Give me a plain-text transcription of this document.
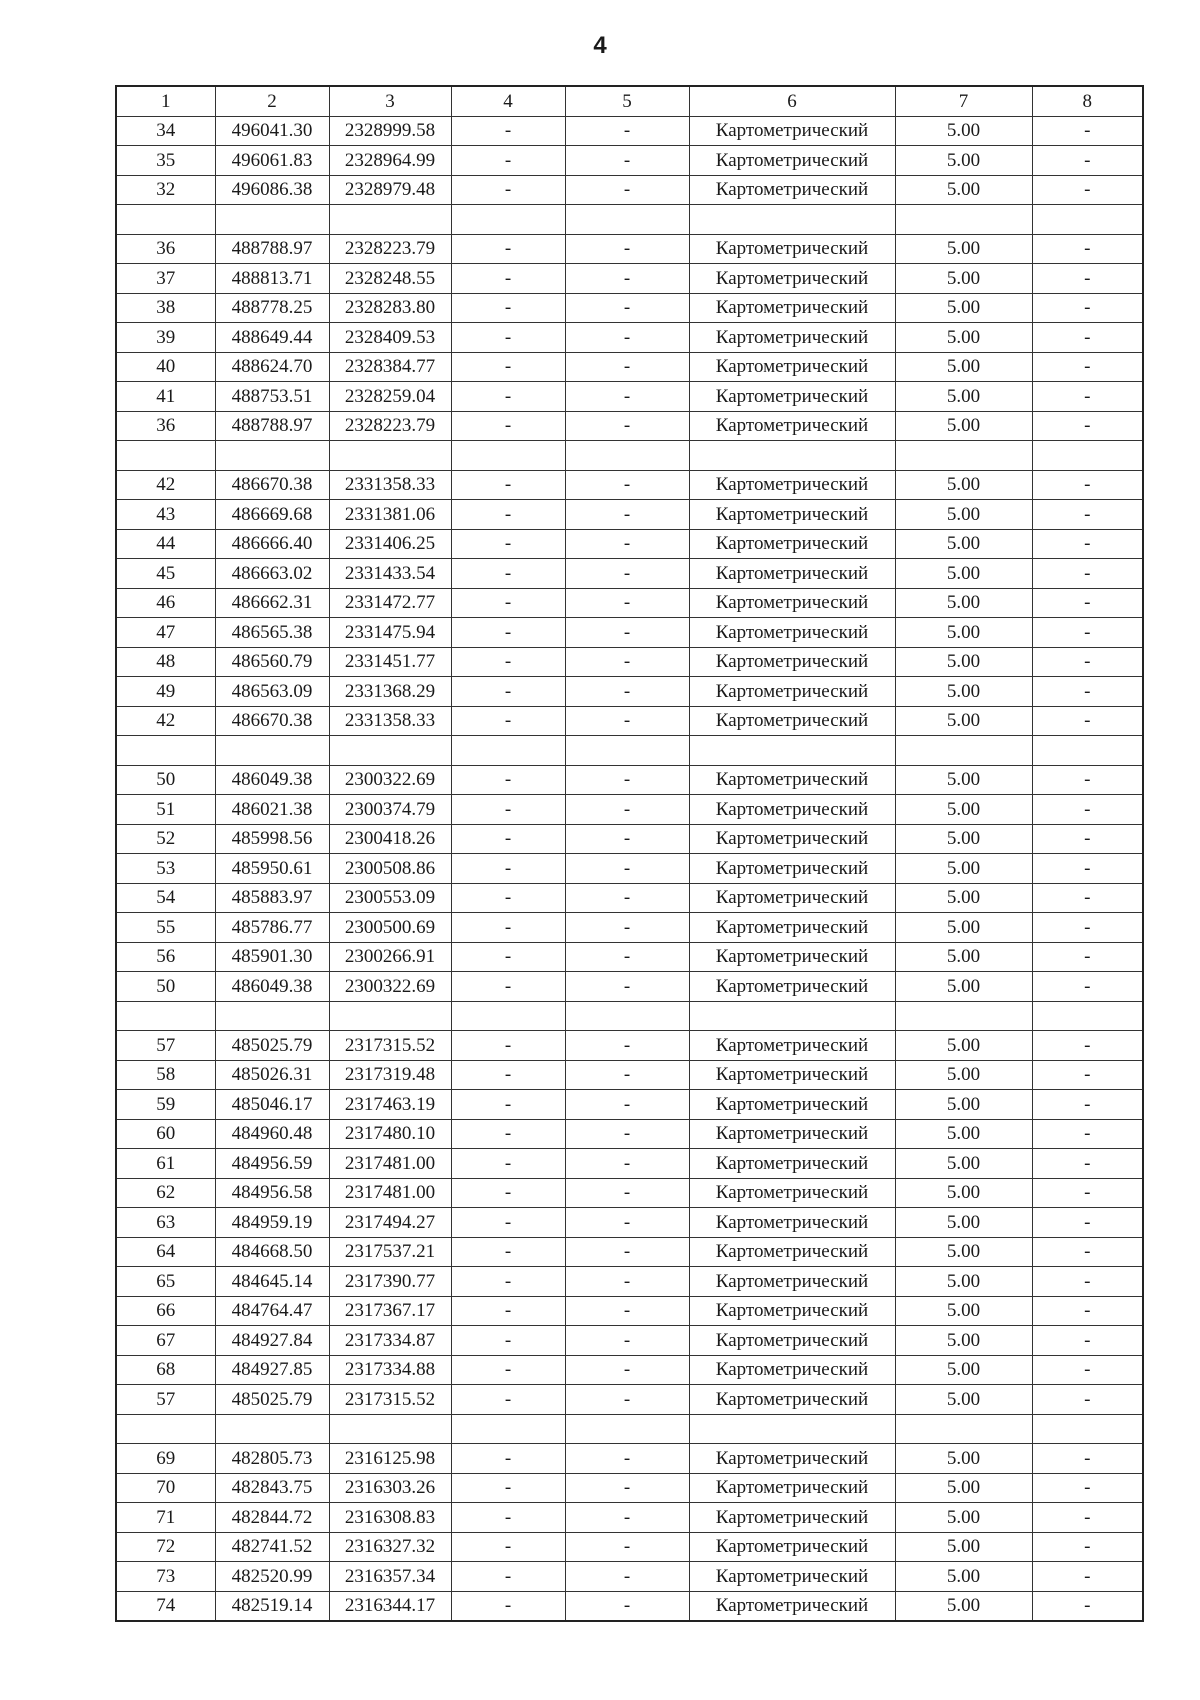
4
1	2	3	4	5	6	7	8
34	496041.30	2328999.58	-	-	Картометрический	5.00	-
35	496061.83	2328964.99	-	-	Картометрический	5.00	-
32	496086.38	2328979.48	-	-	Картометрический	5.00	-

36	488788.97	2328223.79	-	-	Картометрический	5.00	-
37	488813.71	2328248.55	-	-	Картометрический	5.00	-
38	488778.25	2328283.80	-	-	Картометрический	5.00	-
39	488649.44	2328409.53	-	-	Картометрический	5.00	-
40	488624.70	2328384.77	-	-	Картометрический	5.00	-
41	488753.51	2328259.04	-	-	Картометрический	5.00	-
36	488788.97	2328223.79	-	-	Картометрический	5.00	-

42	486670.38	2331358.33	-	-	Картометрический	5.00	-
43	486669.68	2331381.06	-	-	Картометрический	5.00	-
44	486666.40	2331406.25	-	-	Картометрический	5.00	-
45	486663.02	2331433.54	-	-	Картометрический	5.00	-
46	486662.31	2331472.77	-	-	Картометрический	5.00	-
47	486565.38	2331475.94	-	-	Картометрический	5.00	-
48	486560.79	2331451.77	-	-	Картометрический	5.00	-
49	486563.09	2331368.29	-	-	Картометрический	5.00	-
42	486670.38	2331358.33	-	-	Картометрический	5.00	-

50	486049.38	2300322.69	-	-	Картометрический	5.00	-
51	486021.38	2300374.79	-	-	Картометрический	5.00	-
52	485998.56	2300418.26	-	-	Картометрический	5.00	-
53	485950.61	2300508.86	-	-	Картометрический	5.00	-
54	485883.97	2300553.09	-	-	Картометрический	5.00	-
55	485786.77	2300500.69	-	-	Картометрический	5.00	-
56	485901.30	2300266.91	-	-	Картометрический	5.00	-
50	486049.38	2300322.69	-	-	Картометрический	5.00	-

57	485025.79	2317315.52	-	-	Картометрический	5.00	-
58	485026.31	2317319.48	-	-	Картометрический	5.00	-
59	485046.17	2317463.19	-	-	Картометрический	5.00	-
60	484960.48	2317480.10	-	-	Картометрический	5.00	-
61	484956.59	2317481.00	-	-	Картометрический	5.00	-
62	484956.58	2317481.00	-	-	Картометрический	5.00	-
63	484959.19	2317494.27	-	-	Картометрический	5.00	-
64	484668.50	2317537.21	-	-	Картометрический	5.00	-
65	484645.14	2317390.77	-	-	Картометрический	5.00	-
66	484764.47	2317367.17	-	-	Картометрический	5.00	-
67	484927.84	2317334.87	-	-	Картометрический	5.00	-
68	484927.85	2317334.88	-	-	Картометрический	5.00	-
57	485025.79	2317315.52	-	-	Картометрический	5.00	-

69	482805.73	2316125.98	-	-	Картометрический	5.00	-
70	482843.75	2316303.26	-	-	Картометрический	5.00	-
71	482844.72	2316308.83	-	-	Картометрический	5.00	-
72	482741.52	2316327.32	-	-	Картометрический	5.00	-
73	482520.99	2316357.34	-	-	Картометрический	5.00	-
74	482519.14	2316344.17	-	-	Картометрический	5.00	-
